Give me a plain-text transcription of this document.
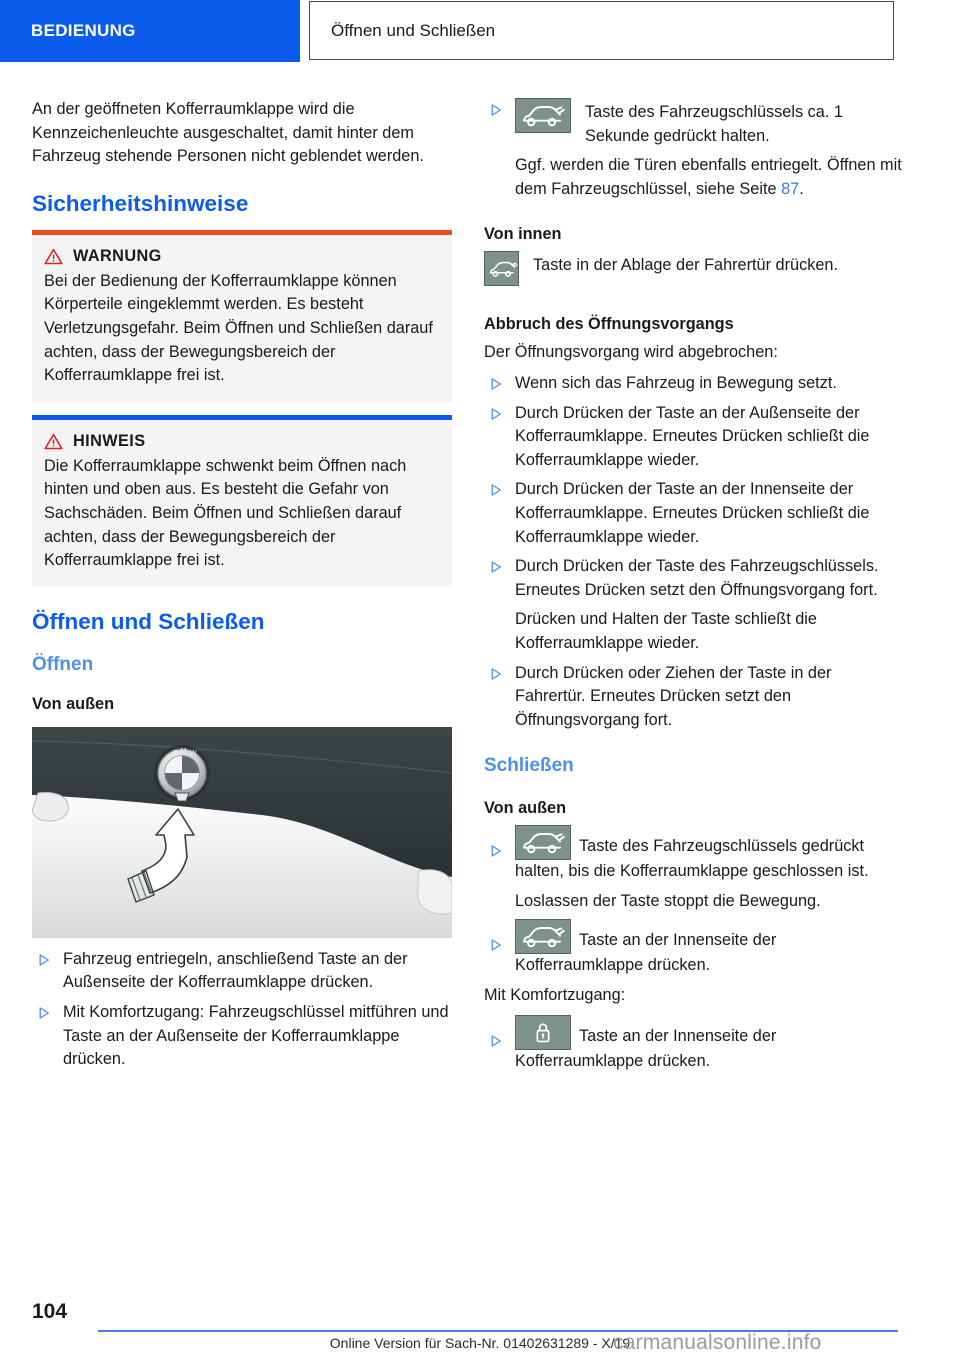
BEDIENUNG	Öffnen und Schließen

An der geöffneten Kofferraumklappe wird die Kennzeichenleuchte ausgeschaltet, damit hinter dem Fahrzeug stehende Personen nicht geblendet werden.

Sicherheitshinweise
WARNUNG
Bei der Bedienung der Kofferraumklappe können Körperteile eingeklemmt werden. Es besteht Verletzungsgefahr. Beim Öffnen und Schließen darauf achten, dass der Bewegungsbereich der Kofferraumklappe frei ist.
HINWEIS
Die Kofferraumklappe schwenkt beim Öffnen nach hinten und oben aus. Es besteht die Gefahr von Sachschäden. Beim Öffnen und Schließen darauf achten, dass der Bewegungsbereich der Kofferraumklappe frei ist.
Öffnen und Schließen
Öffnen
Von außen
B M W
Fahrzeug entriegeln, anschließend Taste an der Außenseite der Kofferraumklappe drücken.
Mit Komfortzugang: Fahrzeugschlüssel mitführen und Taste an der Außenseite der Kofferraumklappe drücken.
Taste des Fahrzeugschlüssels ca. 1 Sekunde gedrückt halten.

Ggf. werden die Türen ebenfalls entriegelt. Öffnen mit dem Fahrzeugschlüssel, siehe Seite 87.

Von innen
Taste in der Ablage der Fahrertür drücken.
Abbruch des Öffnungsvorgangs

Der Öffnungsvorgang wird abgebrochen:

Wenn sich das Fahrzeug in Bewegung setzt.
Durch Drücken der Taste an der Außenseite der Kofferraumklappe. Erneutes Drücken schließt die Kofferraumklappe wieder.
Durch Drücken der Taste an der Innenseite der Kofferraumklappe. Erneutes Drücken schließt die Kofferraumklappe wieder.
Durch Drücken der Taste des Fahrzeugschlüssels. Erneutes Drücken setzt den Öffnungsvorgang fort.
Drücken und Halten der Taste schließt die Kofferraumklappe wieder.
Durch Drücken oder Ziehen der Taste in der Fahrertür. Erneutes Drücken setzt den Öffnungsvorgang fort.
Schließen
Von außen
Taste des Fahrzeugschlüssels gedrückt halten, bis die Kofferraumklappe geschlossen ist.
Loslassen der Taste stoppt die Bewegung.
Taste an der Innenseite der Kofferraumklappe drücken.

Mit Komfortzugang:

Taste an der Innenseite der Kofferraumklappe drücken.
104
Online Version für Sach-Nr. 01402631289 - X/19
carmanualsonline.info
